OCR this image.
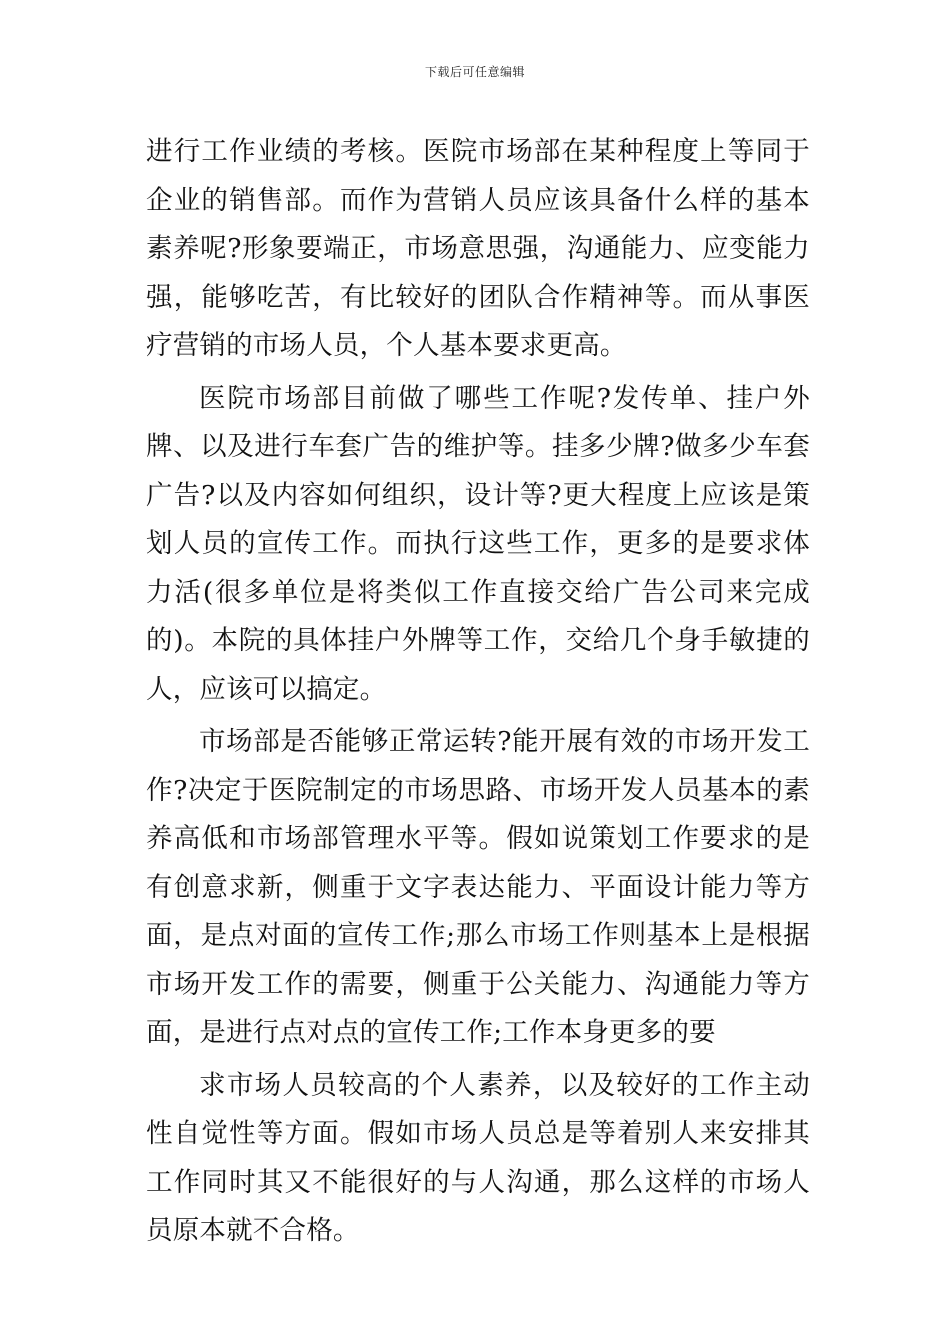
下载后可任意编辑

进行工作业绩的考核。医院市场部在某种程度上等同于企业的销售部。而作为营销人员应该具备什么样的基本素养呢?形象要端正，市场意思强，沟通能力、应变能力强，能够吃苦，有比较好的团队合作精神等。而从事医疗营销的市场人员，个人基本要求更高。

医院市场部目前做了哪些工作呢?发传单、挂户外牌、以及进行车套广告的维护等。挂多少牌?做多少车套广告?以及内容如何组织，设计等?更大程度上应该是策划人员的宣传工作。而执行这些工作，更多的是要求体力活(很多单位是将类似工作直接交给广告公司来完成的)。本院的具体挂户外牌等工作，交给几个身手敏捷的人，应该可以搞定。

市场部是否能够正常运转?能开展有效的市场开发工作?决定于医院制定的市场思路、市场开发人员基本的素养高低和市场部管理水平等。假如说策划工作要求的是有创意求新，侧重于文字表达能力、平面设计能力等方面，是点对面的宣传工作;那么市场工作则基本上是根据市场开发工作的需要，侧重于公关能力、沟通能力等方面，是进行点对点的宣传工作;工作本身更多的要

求市场人员较高的个人素养，以及较好的工作主动性自觉性等方面。假如市场人员总是等着别人来安排其工作同时其又不能很好的与人沟通，那么这样的市场人员原本就不合格。
